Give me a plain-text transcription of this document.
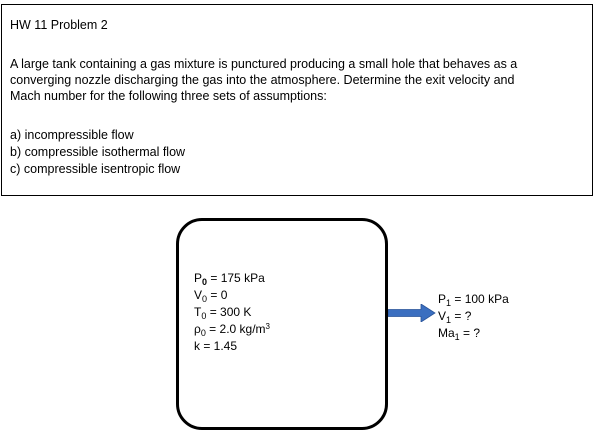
HW 11 Problem 2
A large tank containing a gas mixture is punctured producing a small hole that behaves as a
converging nozzle discharging the gas into the atmosphere. Determine the exit velocity and
Mach number for the following three sets of assumptions:
a) incompressible flow
b) compressible isothermal flow
c) compressible isentropic flow
$P_0 = 175$ kPa
$V_0 = 0$
$T_0 = 300$ K
$\rho_0 = 2.0$ $kg/m^3$
k = 1.45
$P_1 = 100$ kPa
$V_1$ = ?
$Ma_1$ = ?
